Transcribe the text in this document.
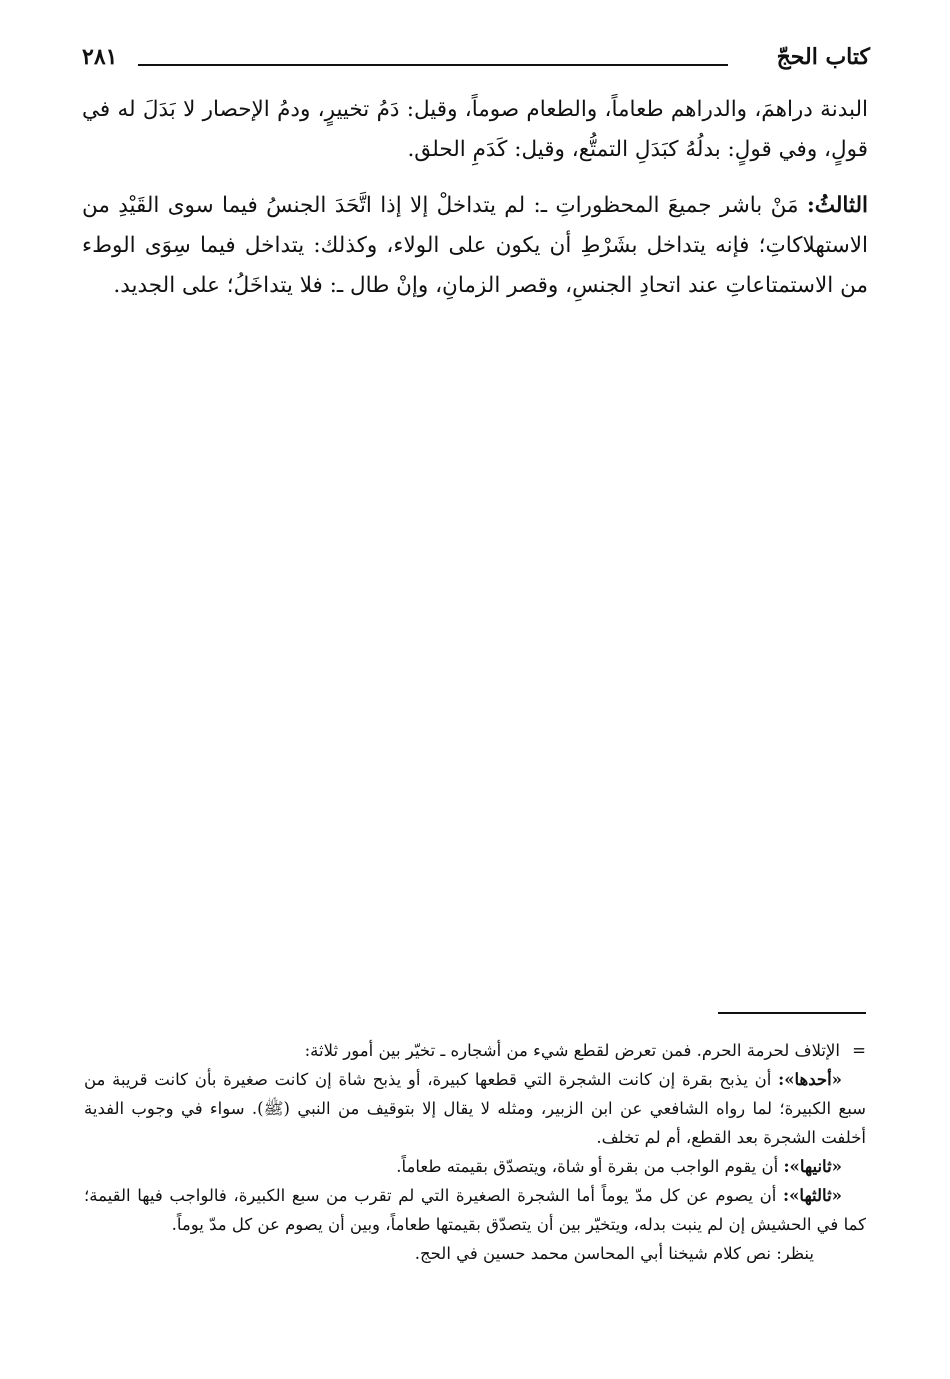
كتاب الحجّ
٢٨١

البدنة دراهمَ، والدراهم طعاماً، والطعام صوماً، وقيل: دَمُ تخييرٍ، ودمُ الإحصار لا بَدَلَ له في قولٍ، وفي قولٍ: بدلُهُ كبَدَلِ التمتُّع، وقيل: كَدَمِ الحلق.

الثالثُ: مَنْ باشر جميعَ المحظوراتِ ـ: لم يتداخلْ إلا إذا اتَّحَدَ الجنسُ فيما سوى القَيْدِ من الاستهلاكاتِ؛ فإنه يتداخل بشَرْطِ أن يكون على الولاء، وكذلك: يتداخل فيما سِوَى الوطء من الاستمتاعاتِ عند اتحادِ الجنسِ، وقصر الزمانِ، وإنْ طال ـ: فلا يتداخَلُ؛ على الجديد.

=
الإتلاف لحرمة الحرم. فمن تعرض لقطع شيء من أشجاره ـ تخيّر بين أمور ثلاثة:

«أحدها»: أن يذبح بقرة إن كانت الشجرة التي قطعها كبيرة، أو يذبح شاة إن كانت صغيرة بأن كانت قريبة من سبع الكبيرة؛ لما رواه الشافعي عن ابن الزبير، ومثله لا يقال إلا بتوقيف من النبي (ﷺ). سواء في وجوب الفدية أخلفت الشجرة بعد القطع، أم لم تخلف.

«ثانيها»: أن يقوم الواجب من بقرة أو شاة، ويتصدّق بقيمته طعاماً.

«ثالثها»: أن يصوم عن كل مدّ يوماً أما الشجرة الصغيرة التي لم تقرب من سبع الكبيرة، فالواجب فيها القيمة؛ كما في الحشيش إن لم ينبت بدله، ويتخيّر بين أن يتصدّق بقيمتها طعاماً، وبين أن يصوم عن كل مدّ يوماً.

ينظر: نص كلام شيخنا أبي المحاسن محمد حسين في الحج.
